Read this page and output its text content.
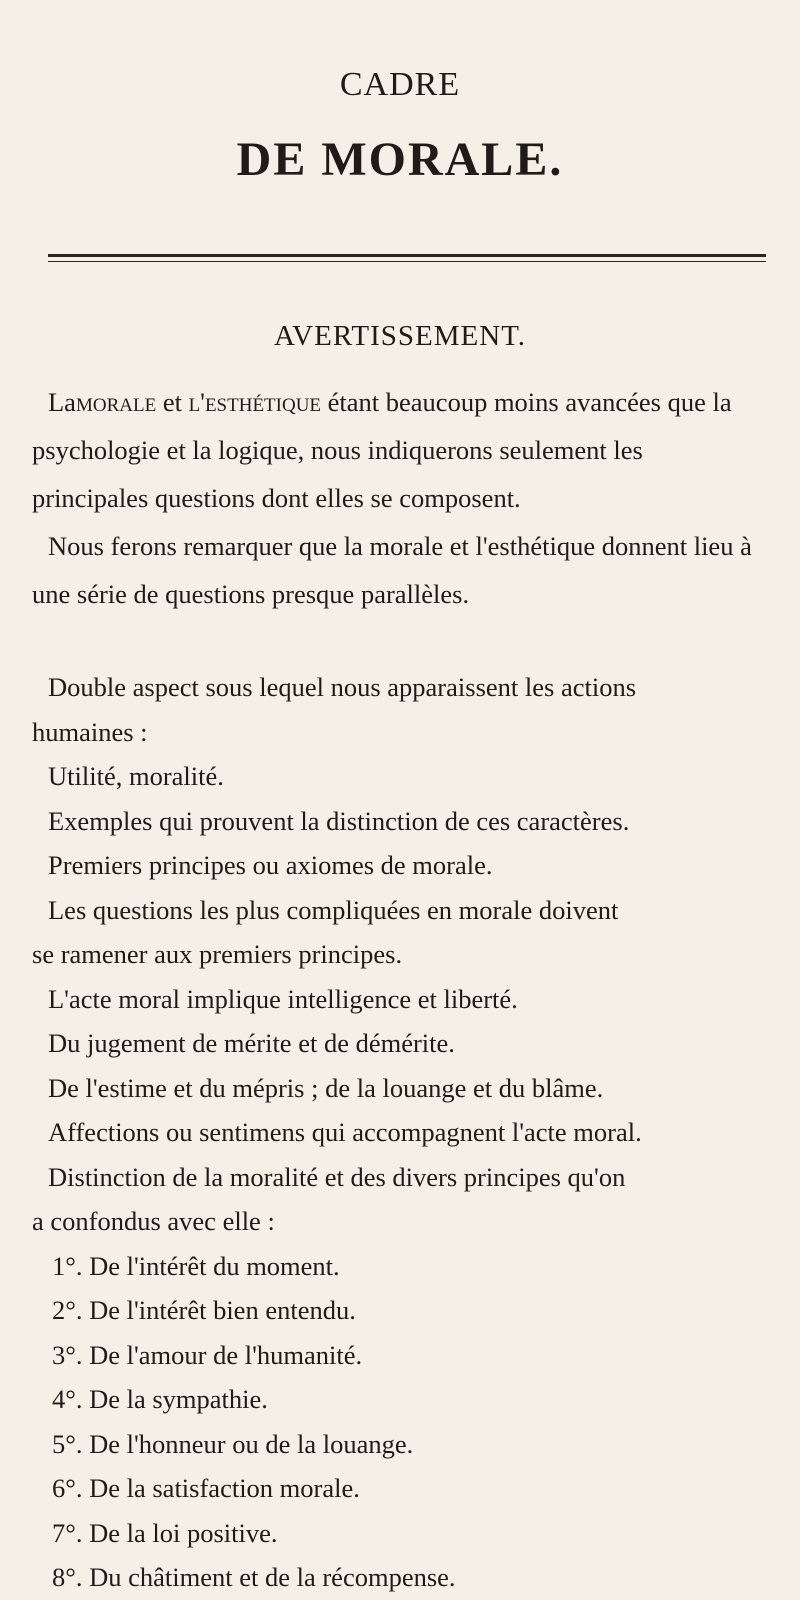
CADRE
DE MORALE.
AVERTISSEMENT.

Lamorale et l'esthétique étant beaucoup moins avancées que la psychologie et la logique, nous indiquerons seulement les principales questions dont elles se composent.

Nous ferons remarquer que la morale et l'esthétique donnent lieu à une série de questions presque parallèles.

Double aspect sous lequel nous apparaissent les actions
humaines :
Utilité, moralité.
Exemples qui prouvent la distinction de ces caractères.
Premiers principes ou axiomes de morale.
Les questions les plus compliquées en morale doivent
se ramener aux premiers principes.
L'acte moral implique intelligence et liberté.
Du jugement de mérite et de démérite.
De l'estime et du mépris ; de la louange et du blâme.
Affections ou sentimens qui accompagnent l'acte moral.
Distinction de la moralité et des divers principes qu'on
a confondus avec elle :
1°. De l'intérêt du moment.
2°. De l'intérêt bien entendu.
3°. De l'amour de l'humanité.
4°. De la sympathie.
5°. De l'honneur ou de la louange.
6°. De la satisfaction morale.
7°. De la loi positive.
8°. Du châtiment et de la récompense.
